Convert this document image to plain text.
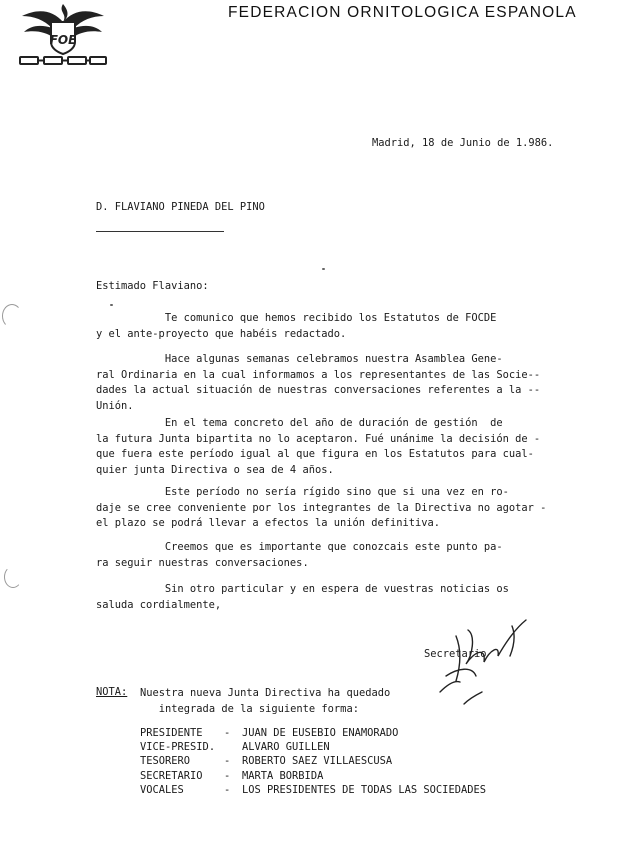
FOE
FEDERACION ORNITOLOGICA ESPANOLA
Madrid, 18 de Junio de 1.986.
D. FLAVIANO PINEDA DEL PINO
Estimado Flaviano:
Te comunico que hemos recibido los Estatutos de FOCDE
y el ante-proyecto que habéis redactado.
Hace algunas semanas celebramos nuestra Asamblea Gene-
ral Ordinaria en la cual informamos a los representantes de las Socie--
dades la actual situación de nuestras conversaciones referentes a la --
Unión.
En el tema concreto del año de duración de gestión  de
la futura Junta bipartita no lo aceptaron. Fué unánime la decisión de -
que fuera este período igual al que figura en los Estatutos para cual-
quier junta Directiva o sea de 4 años.
Este período no sería rígido sino que si una vez en ro-
daje se cree conveniente por los integrantes de la Directiva no agotar -
el plazo se podrá llevar a efectos la unión definitiva.
Creemos que es importante que conozcais este punto pa-
ra seguir nuestras conversaciones.
Sin otro particular y en espera de vuestras noticias os
saluda cordialmente,
Secretario
NOTA: Nuestra nueva Junta Directiva ha quedado
integrada de la siguiente forma:
PRESIDENTE	-	JUAN DE EUSEBIO ENAMORADO
VICE-PRESID.	ALVARO GUILLEN
TESORERO	-	ROBERTO SAEZ VILLAESCUSA
SECRETARIO	-	MARTA BORBIDA
VOCALES	-	LOS PRESIDENTES DE TODAS LAS SOCIEDADES
